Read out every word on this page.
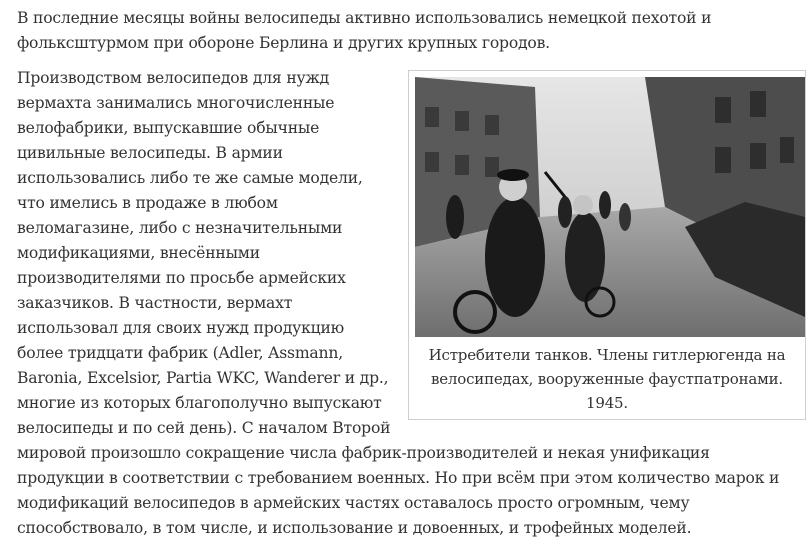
В последние месяцы войны велосипеды активно использовались немецкой пехотой и фольксштурмом при обороне Берлина и других крупных городов.

Истребители танков. Члены гитлерюгенда на велосипедах, вооруженные фаустпатронами. 1945.

Производством велосипедов для нужд вермахта занимались многочисленные велофабрики, выпускавшие обычные цивильные велосипеды. В армии использовались либо те же самые модели, что имелись в продаже в любом веломагазине, либо с незначительными модификациями, внесёнными производителями по просьбе армейских заказчиков. В частности, вермахт использовал для своих нужд продукцию более тридцати фабрик (Adler, Assmann, Baronia, Excelsior, Partia WKC, Wanderer и др., многие из которых благополучно выпускают велосипеды и по сей день). С началом Второй мировой произошло сокращение числа фабрик-производителей и некая унификация продукции в соответствии с требованием военных. Но при всём при этом количество марок и модификаций велосипедов в армейских частях оставалось просто огромным, чему способствовало, в том числе, и использование и довоенных, и трофейных моделей.
